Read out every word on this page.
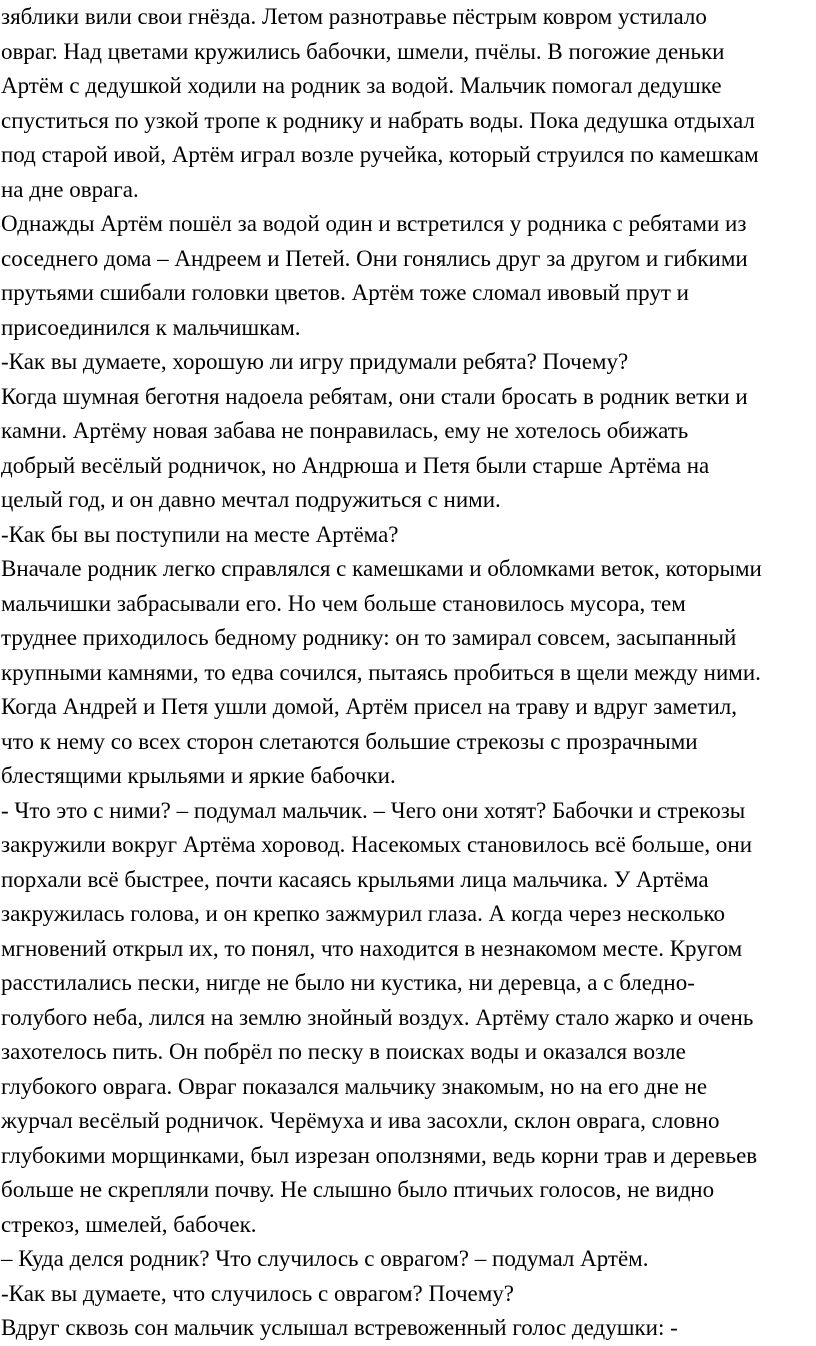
зяблики вили свои гнёзда. Летом разнотравье пёстрым ковром устилало
овраг. Над цветами кружились бабочки, шмели, пчёлы. В погожие деньки
Артём с дедушкой ходили на родник за водой. Мальчик помогал дедушке
спуститься по узкой тропе к роднику и набрать воды. Пока дедушка отдыхал
под старой ивой, Артём играл возле ручейка, который струился по камешкам
на дне оврага.
Однажды Артём пошёл за водой один и встретился у родника с ребятами из
соседнего дома – Андреем и Петей. Они гонялись друг за другом и гибкими
прутьями сшибали головки цветов. Артём тоже сломал ивовый прут и
присоединился к мальчишкам.
-Как вы думаете, хорошую ли игру придумали ребята? Почему?
Когда шумная беготня надоела ребятам, они стали бросать в родник ветки и
камни. Артёму новая забава не понравилась, ему не хотелось обижать
добрый весёлый родничок, но Андрюша и Петя были старше Артёма на
целый год, и он давно мечтал подружиться с ними.
-Как бы вы поступили на месте Артёма?
Вначале родник легко справлялся с камешками и обломками веток, которыми
мальчишки забрасывали его. Но чем больше становилось мусора, тем
труднее приходилось бедному роднику: он то замирал совсем, засыпанный
крупными камнями, то едва сочился, пытаясь пробиться в щели между ними.
Когда Андрей и Петя ушли домой, Артём присел на траву и вдруг заметил,
что к нему со всех сторон слетаются большие стрекозы с прозрачными
блестящими крыльями и яркие бабочки.
- Что это с ними? – подумал мальчик. – Чего они хотят? Бабочки и стрекозы
закружили вокруг Артёма хоровод. Насекомых становилось всё больше, они
порхали всё быстрее, почти касаясь крыльями лица мальчика. У Артёма
закружилась голова, и он крепко зажмурил глаза. А когда через несколько
мгновений открыл их, то понял, что находится в незнакомом месте. Кругом
расстилались пески, нигде не было ни кустика, ни деревца, а с бледно-
голубого неба, лился на землю знойный воздух. Артёму стало жарко и очень
захотелось пить. Он побрёл по песку в поисках воды и оказался возле
глубокого оврага. Овраг показался мальчику знакомым, но на его дне не
журчал весёлый родничок. Черёмуха и ива засохли, склон оврага, словно
глубокими морщинками, был изрезан оползнями, ведь корни трав и деревьев
больше не скрепляли почву. Не слышно было птичьих голосов, не видно
стрекоз, шмелей, бабочек.
– Куда делся родник? Что случилось с оврагом? – подумал Артём.
-Как вы думаете, что случилось с оврагом? Почему?
Вдруг сквозь сон мальчик услышал встревоженный голос дедушки: -
